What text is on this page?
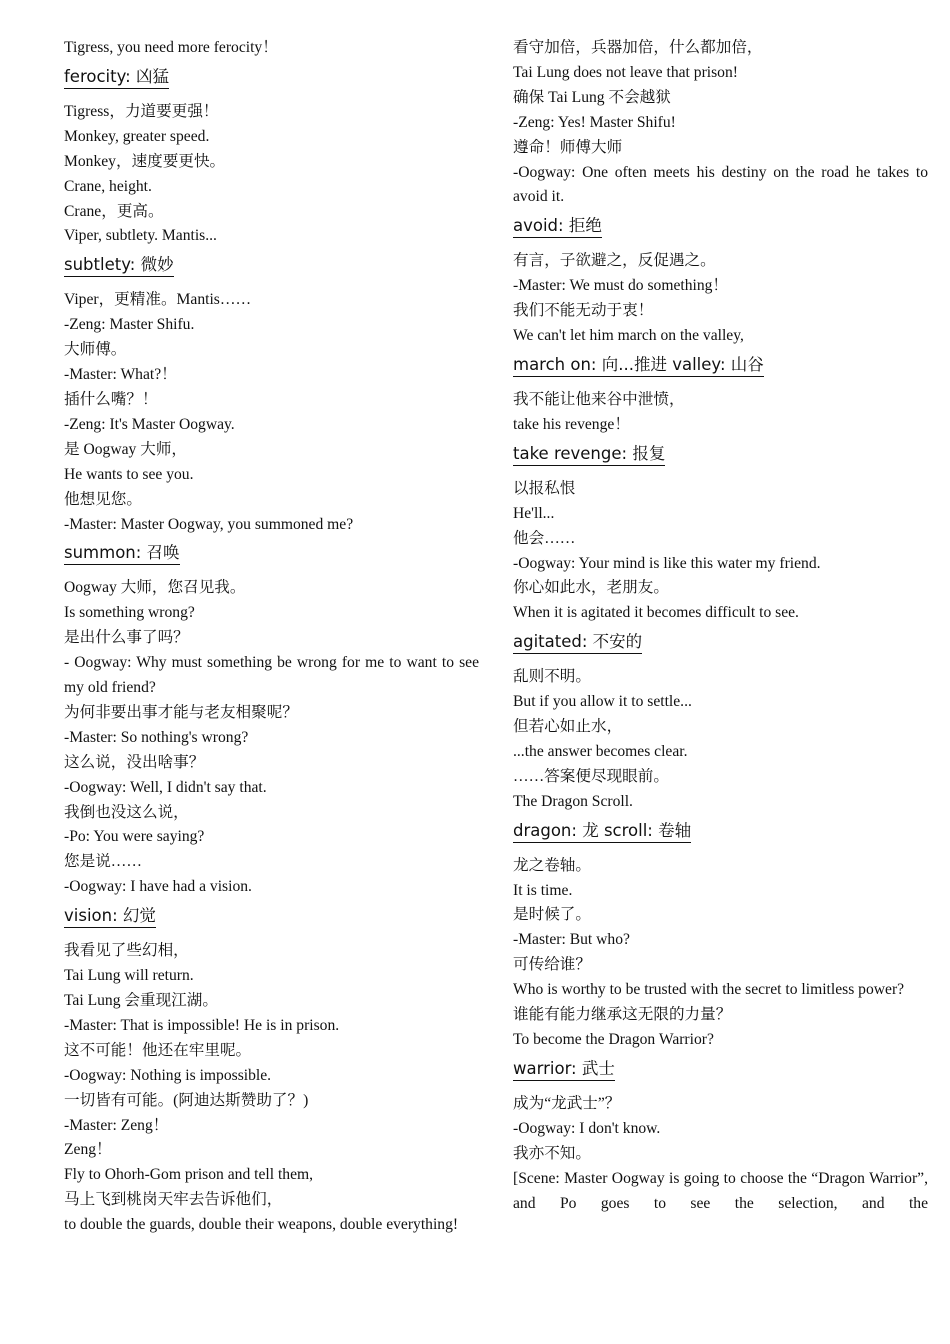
Tigress, you need more ferocity！
ferocity: 凶猛
Tigress，力道要更强！
Monkey, greater speed.
Monkey，速度要更快。
Crane, height.
Crane，更高。
Viper, subtlety. Mantis...
subtlety: 微妙
Viper，更精准。Mantis……
-Zeng: Master Shifu.
大师傅。
-Master: What?！
插什么嘴？！
-Zeng: It's Master Oogway.
是 Oogway 大师，
He wants to see you.
他想见您。
-Master: Master Oogway, you summoned me?
summon: 召唤
Oogway 大师，您召见我。
Is something wrong?
是出什么事了吗？
- Oogway: Why must something be wrong for me to want to see my old friend?
为何非要出事才能与老友相聚呢？
-Master: So nothing's wrong?
这么说，没出啥事？
-Oogway: Well, I didn't say that.
我倒也没这么说，
-Po: You were saying?
您是说……
-Oogway: I have had a vision.
vision: 幻觉
我看见了些幻相，
Tai Lung will return.
Tai Lung 会重现江湖。
-Master: That is impossible! He is in prison.
这不可能！他还在牢里呢。
-Oogway: Nothing is impossible.
一切皆有可能。(阿迪达斯赞助了？)
-Master: Zeng！
Zeng！
Fly to Ohorh-Gom prison and tell them,
马上飞到桃岗天牢去告诉他们，
to double the guards, double their weapons, double everything!
看守加倍，兵器加倍，什么都加倍，
Tai Lung does not leave that prison!
确保 Tai Lung 不会越狱
-Zeng: Yes! Master Shifu!
遵命！师傅大师
-Oogway: One often meets his destiny on the road he takes to avoid it.
avoid: 拒绝
有言，子欲避之，反促遇之。
-Master: We must do something！
我们不能无动于衷！
We can't let him march on the valley,
march on: 向...推进 valley: 山谷
我不能让他来谷中泄愤，
take his revenge！
take revenge: 报复
以报私恨
He'll...
他会……
-Oogway: Your mind is like this water my friend.
你心如此水，老朋友。
When it is agitated it becomes difficult to see.
agitated: 不安的
乱则不明。
But if you allow it to settle...
但若心如止水，
...the answer becomes clear.
……答案便尽现眼前。
The Dragon Scroll.
dragon: 龙 scroll: 卷轴
龙之卷轴。
It is time.
是时候了。
-Master: But who?
可传给谁？
Who is worthy to be trusted with the secret to limitless power?
谁能有能力继承这无限的力量？
To become the Dragon Warrior?
warrior: 武士
成为“龙武士”？
-Oogway: I don't know.
我亦不知。
[Scene: Master Oogway is going to choose the “Dragon Warrior”, and Po goes to see the selection, and the
